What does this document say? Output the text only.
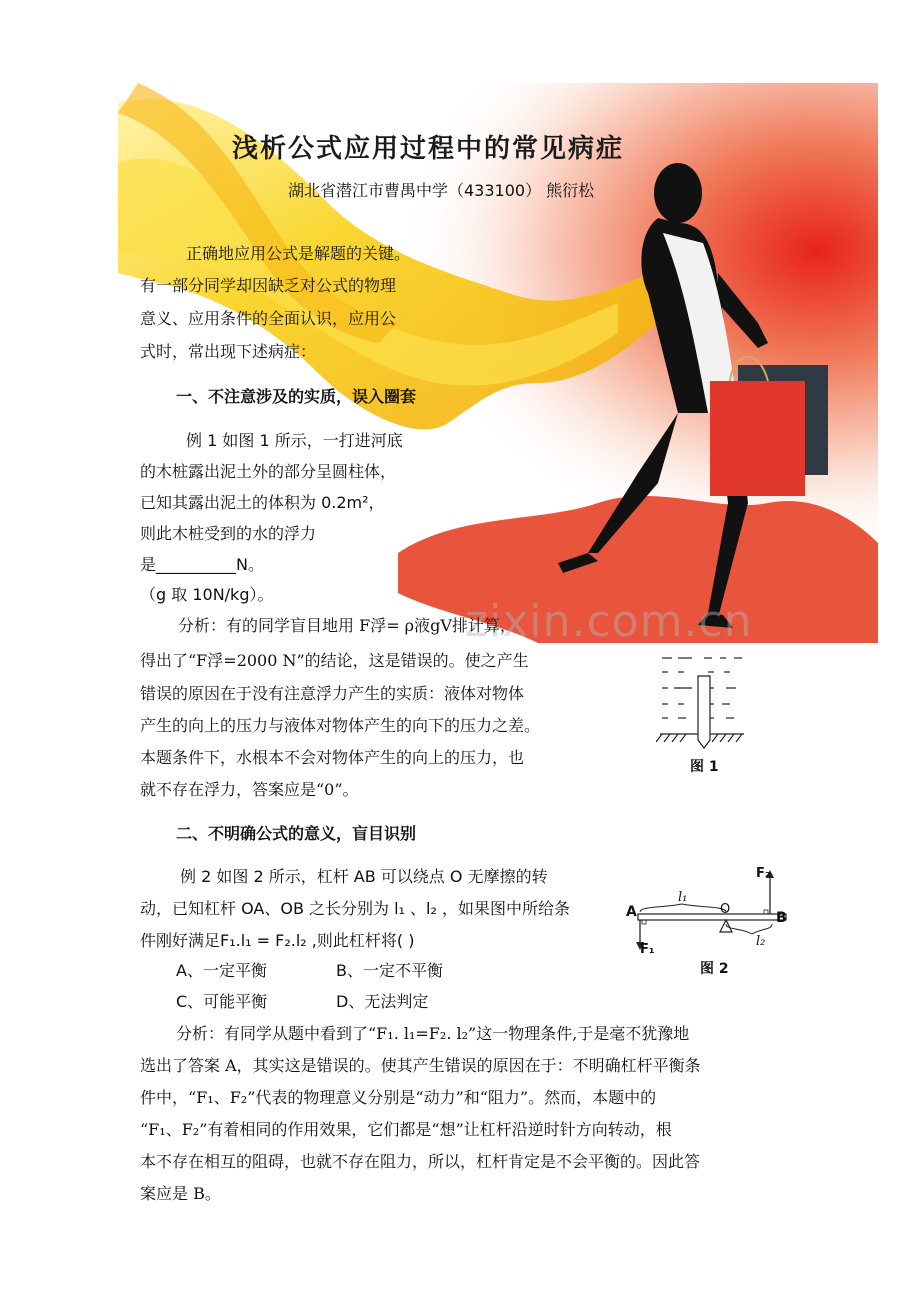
浅析公式应用过程中的常见病症
湖北省潜江市曹禺中学（433100） 熊衍松
正确地应用公式是解题的关键。
有一部分同学却因缺乏对公式的物理
意义、应用条件的全面认识，应用公
式时，常出现下述病症：
一、不注意涉及的实质，误入圈套
例 1 如图 1 所示，一打进河底
的木桩露出泥土外的部分呈圆柱体，
已知其露出泥土的体积为 0.2m²，
则此木桩受到的水的浮力
是__________N。
（g 取 10N/kg）。
zixin.com.cn
分析：有的同学盲目地用 F浮= ρ液gV排计算，
得出了“F浮=2000 N”的结论，这是错误的。使之产生
错误的原因在于没有注意浮力产生的实质：液体对物体
产生的向上的压力与液体对物体产生的向下的压力之差。
本题条件下，水根本不会对物体产生的向上的压力，也
就不存在浮力，答案应是“0”。
图 1
二、不明确公式的意义，盲目识别
例 2 如图 2 所示，杠杆 AB 可以绕点 O 无摩擦的转
动，已知杠杆 OA、OB 之长分别为 l₁ 、l₂ ，如果图中所给条
件刚好满足F₁.l₁ = F₂.l₂ ,则此杠杆将( )
A、一定平衡	B、一定不平衡
C、可能平衡	D、无法判定
A	B
O
F₂
F₁
l₁
l₂
图 2
分析：有同学从题中看到了“F₁. l₁=F₂. l₂”这一物理条件,于是毫不犹豫地
选出了答案 A，其实这是错误的。使其产生错误的原因在于：不明确杠杆平衡条
件中，“F₁、F₂”代表的物理意义分别是“动力”和“阻力”。然而，本题中的
“F₁、F₂”有着相同的作用效果，它们都是“想”让杠杆沿逆时针方向转动，根
本不存在相互的阻碍，也就不存在阻力，所以，杠杆肯定是不会平衡的。因此答
案应是 B。
